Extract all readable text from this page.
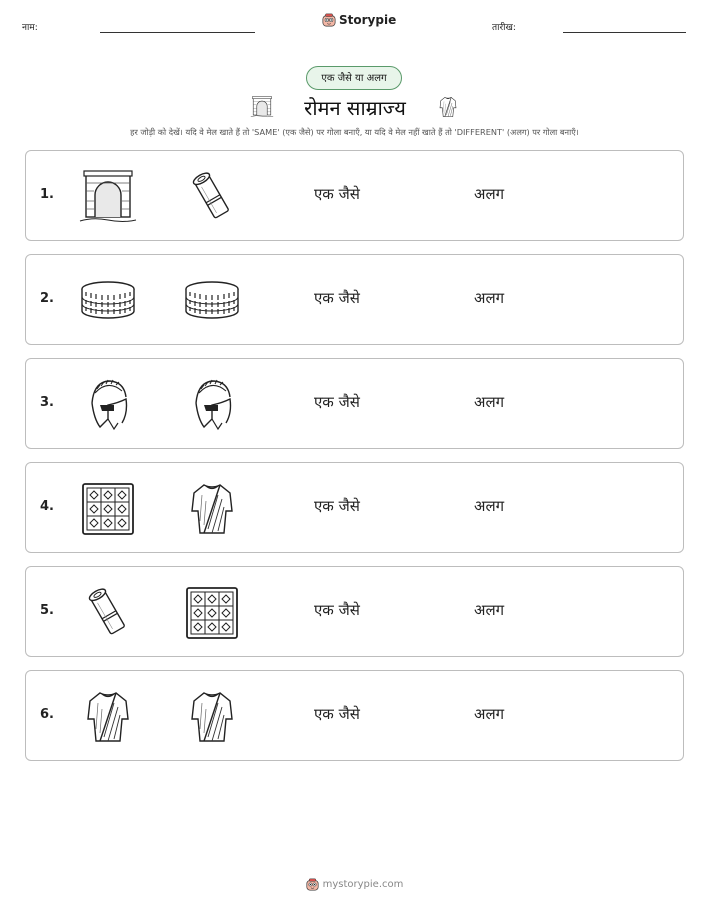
नाम:
Storypie
तारीख:
एक जैसे या अलग
रोमन साम्राज्य
हर जोड़ी को देखें। यदि वे मेल खाते हैं तो 'SAME' (एक जैसे) पर गोला बनाएँ, या यदि वे मेल नहीं खाते हैं तो 'DIFFERENT' (अलग) पर गोला बनाएँ।
1.	एक जैसे	अलग
2.	एक जैसे	अलग
3.	एक जैसे	अलग
4.	एक जैसे	अलग
5.	एक जैसे	अलग
6.	एक जैसे	अलग
mystorypie.com
